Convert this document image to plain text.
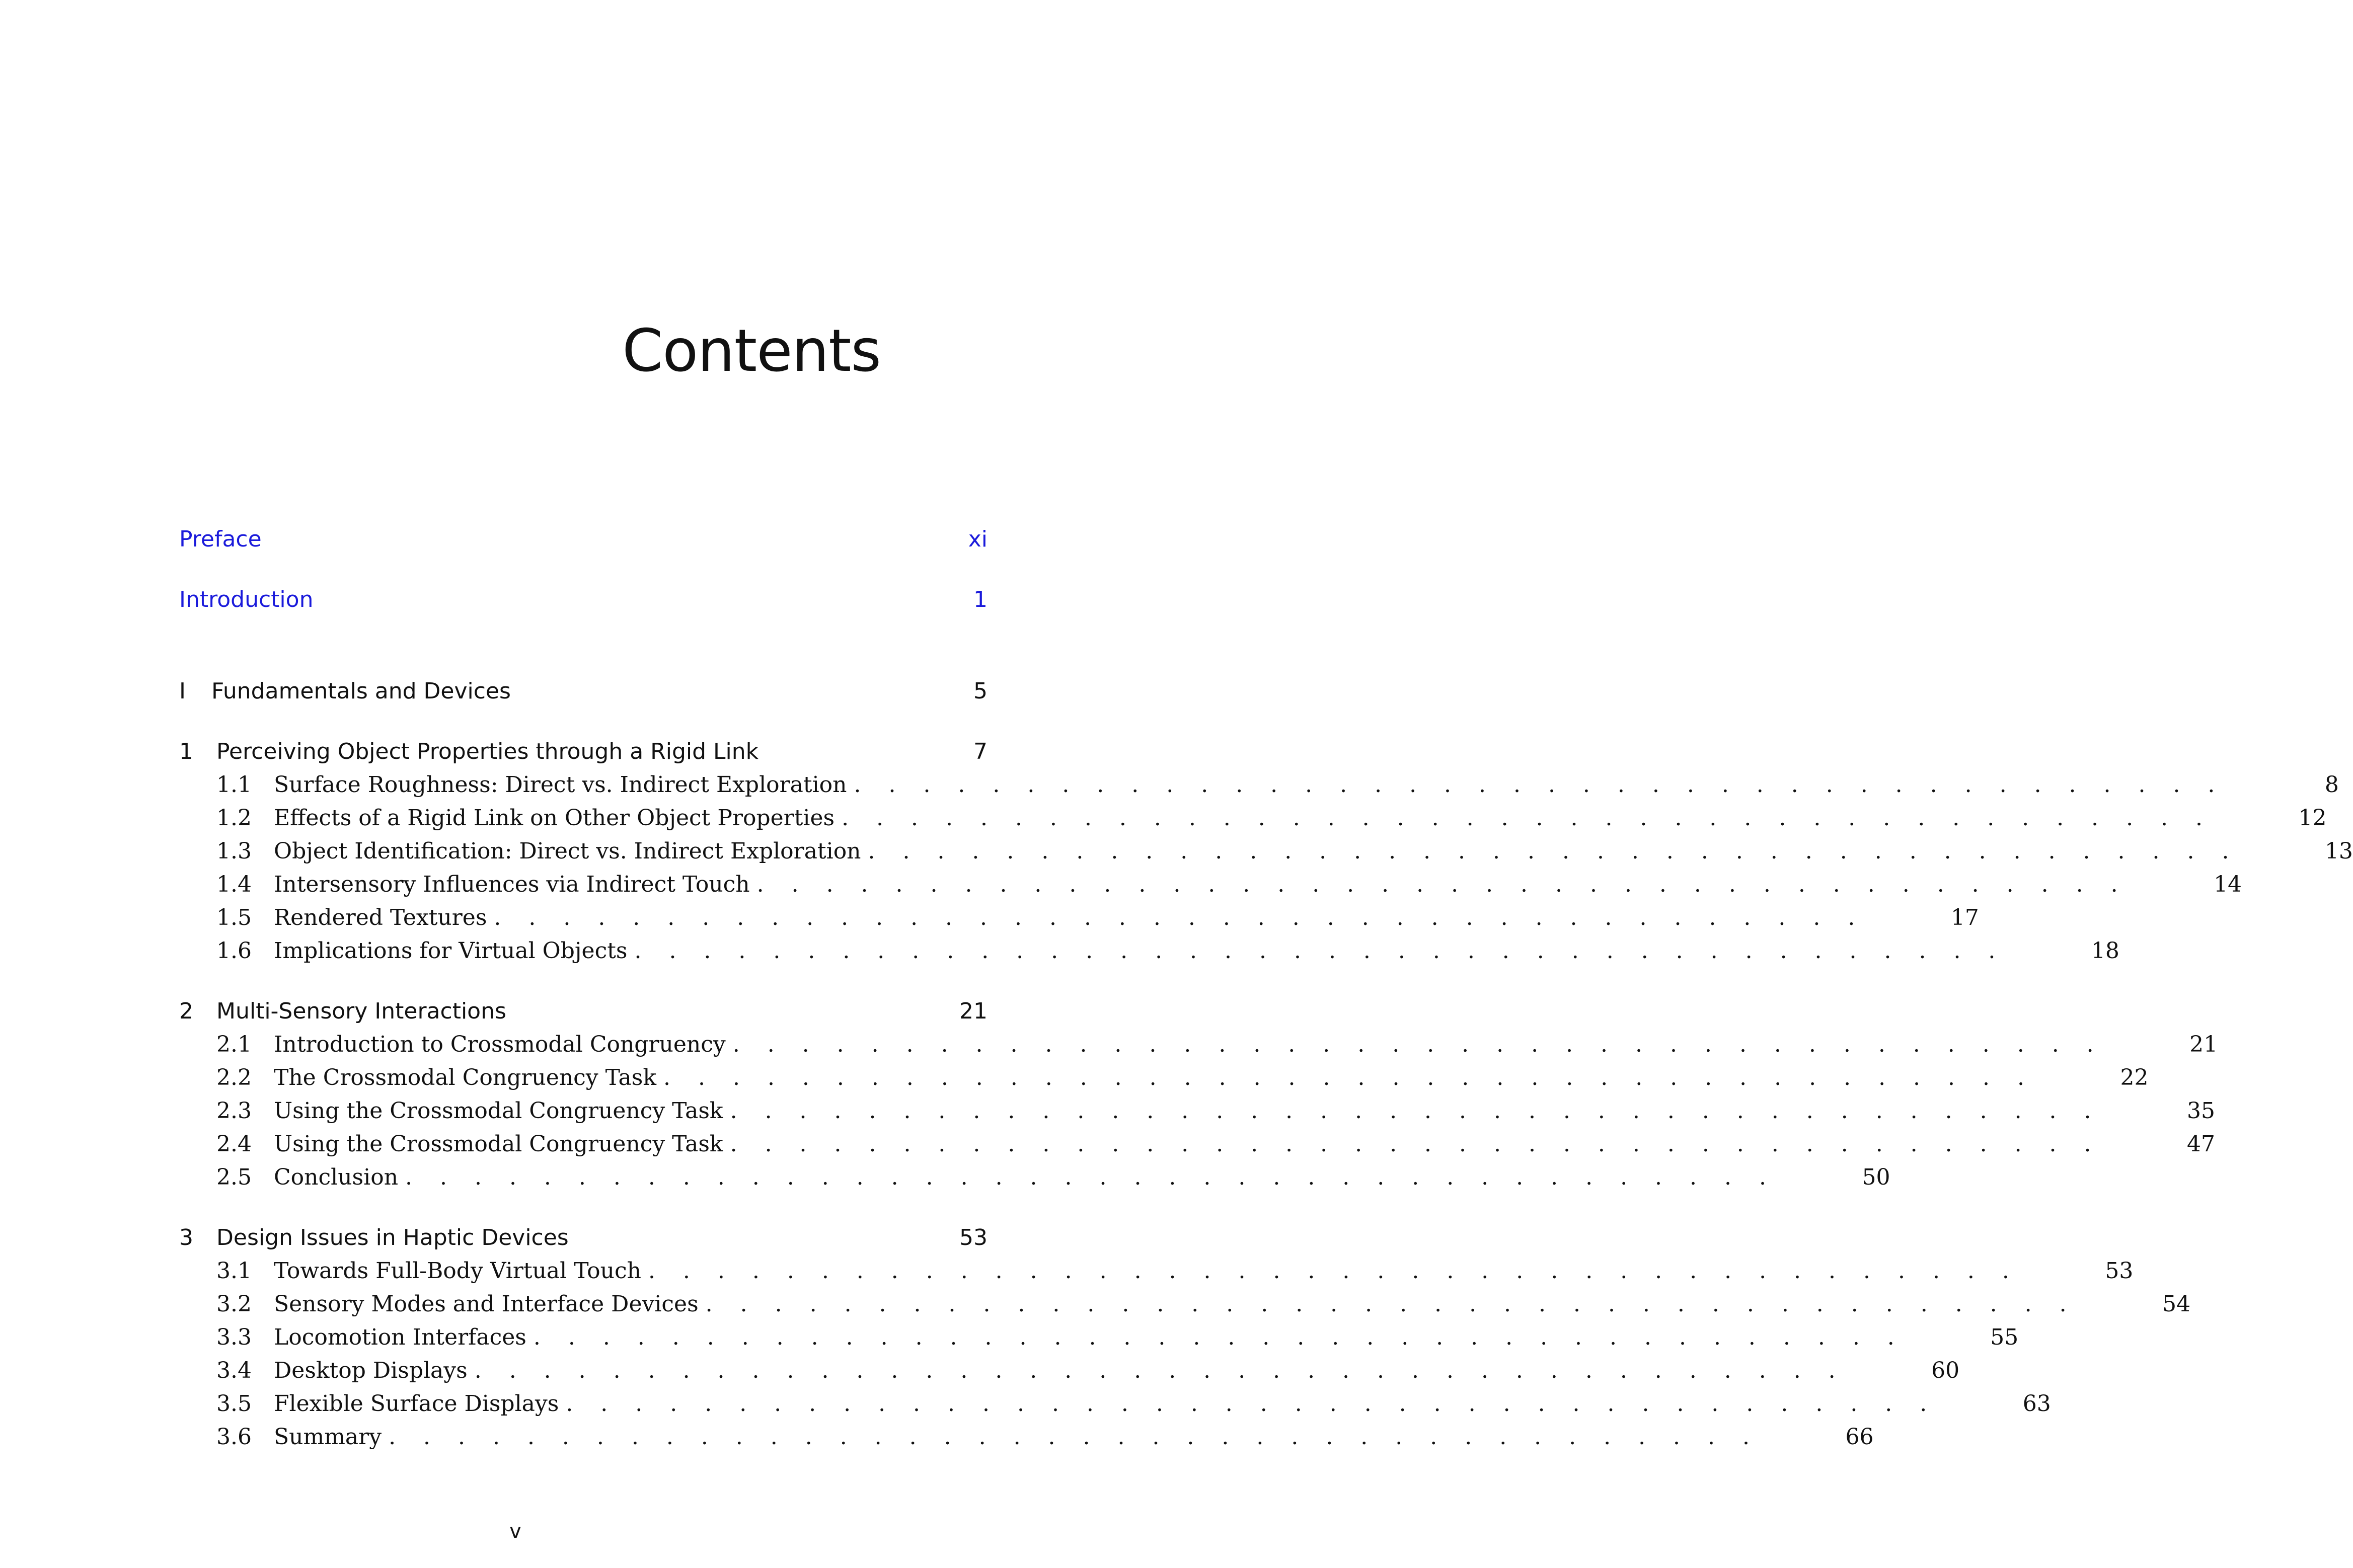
Contents
Preface	xi
Introduction	1
I	Fundamentals and Devices	5
1	Perceiving Object Properties through a Rigid Link	7
1.1	Surface Roughness: Direct vs. Indirect Exploration . . . . . . . . . . . . . . . . . . . . . . . . . . . . . . . . . . . . . . . .	8
1.2	Effects of a Rigid Link on Other Object Properties . . . . . . . . . . . . . . . . . . . . . . . . . . . . . . . . . . . . . . . .	12
1.3	Object Identification: Direct vs. Indirect Exploration . . . . . . . . . . . . . . . . . . . . . . . . . . . . . . . . . . . . . . . .	13
1.4	Intersensory Influences via Indirect Touch . . . . . . . . . . . . . . . . . . . . . . . . . . . . . . . . . . . . . . . .	14
1.5	Rendered Textures . . . . . . . . . . . . . . . . . . . . . . . . . . . . . . . . . . . . . . . .	17
1.6	Implications for Virtual Objects . . . . . . . . . . . . . . . . . . . . . . . . . . . . . . . . . . . . . . . .	18
2	Multi-Sensory Interactions	21
2.1	Introduction to Crossmodal Congruency . . . . . . . . . . . . . . . . . . . . . . . . . . . . . . . . . . . . . . . .	21
2.2	The Crossmodal Congruency Task . . . . . . . . . . . . . . . . . . . . . . . . . . . . . . . . . . . . . . . .	22
2.3	Using the Crossmodal Congruency Task . . . . . . . . . . . . . . . . . . . . . . . . . . . . . . . . . . . . . . . .	35
2.4	Using the Crossmodal Congruency Task . . . . . . . . . . . . . . . . . . . . . . . . . . . . . . . . . . . . . . . .	47
2.5	Conclusion . . . . . . . . . . . . . . . . . . . . . . . . . . . . . . . . . . . . . . . .	50
3	Design Issues in Haptic Devices	53
3.1	Towards Full-Body Virtual Touch . . . . . . . . . . . . . . . . . . . . . . . . . . . . . . . . . . . . . . . .	53
3.2	Sensory Modes and Interface Devices . . . . . . . . . . . . . . . . . . . . . . . . . . . . . . . . . . . . . . . .	54
3.3	Locomotion Interfaces . . . . . . . . . . . . . . . . . . . . . . . . . . . . . . . . . . . . . . . .	55
3.4	Desktop Displays . . . . . . . . . . . . . . . . . . . . . . . . . . . . . . . . . . . . . . . .	60
3.5	Flexible Surface Displays . . . . . . . . . . . . . . . . . . . . . . . . . . . . . . . . . . . . . . . .	63
3.6	Summary . . . . . . . . . . . . . . . . . . . . . . . . . . . . . . . . . . . . . . . .	66
v
